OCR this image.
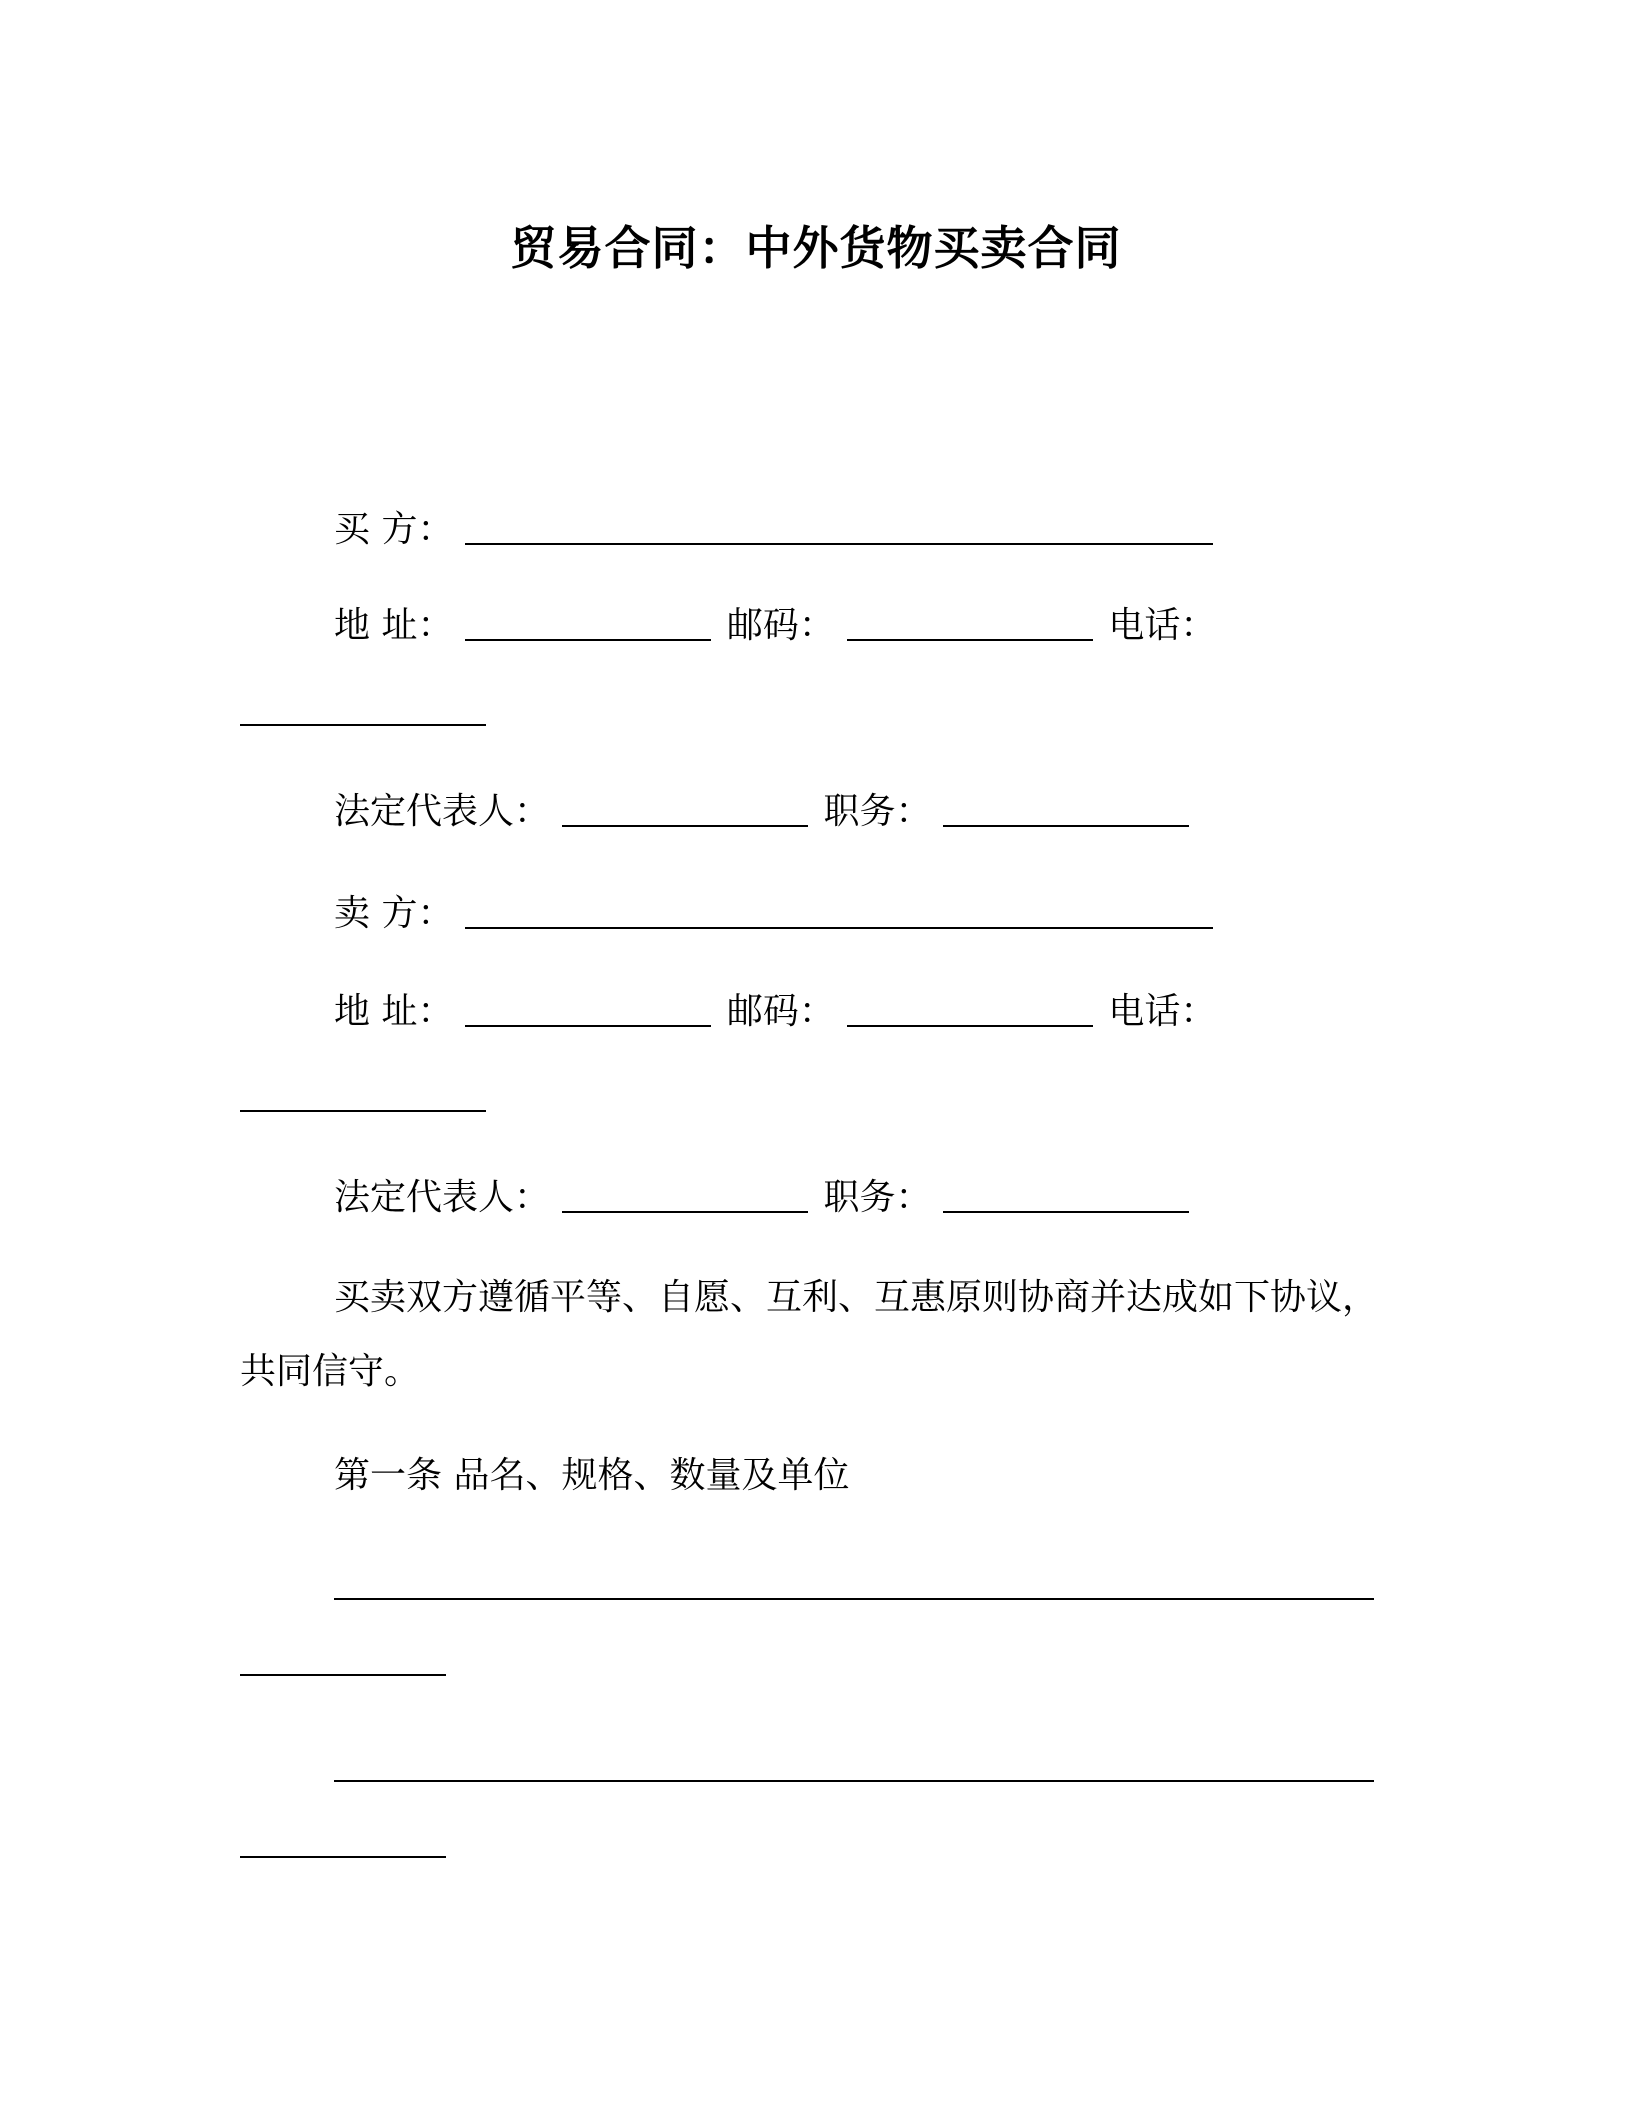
贸易合同：中外货物买卖合同
买 方：
地 址：	邮码：	电话：
法定代表人：	职务：
卖 方：
地 址：	邮码：	电话：
法定代表人：	职务：
买卖双方遵循平等、自愿、互利、互惠原则协商并达成如下协议，
共同信守。
第一条 品名、规格、数量及单位
